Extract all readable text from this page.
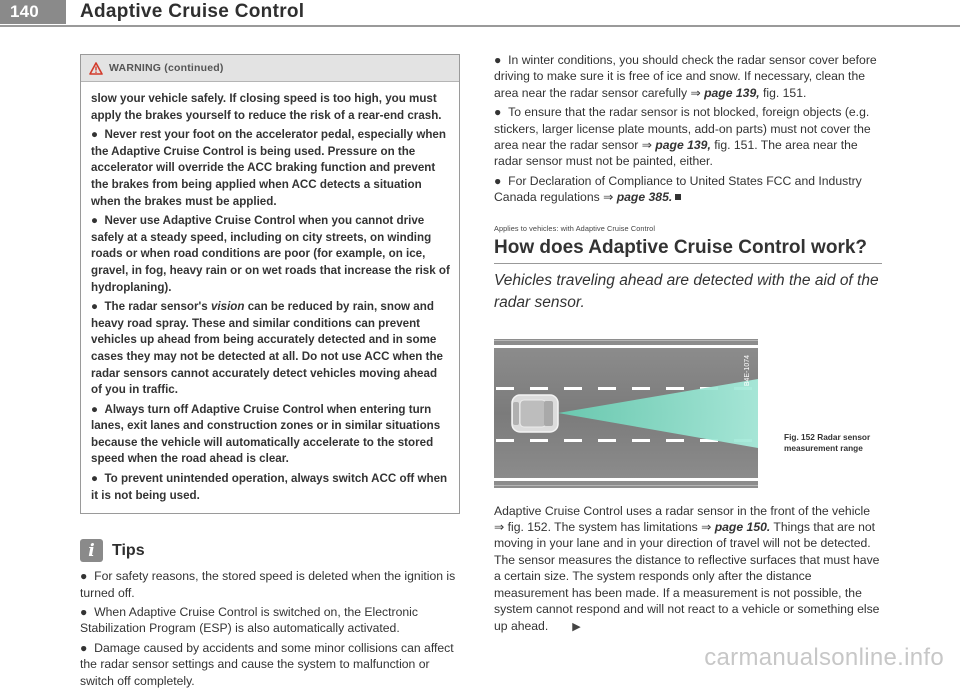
140 Adaptive Cruise Control
WARNING (continued)

slow your vehicle safely. If closing speed is too high, you must apply the brakes yourself to reduce the risk of a rear-end crash.

●  Never rest your foot on the accelerator pedal, especially when the Adaptive Cruise Control is being used. Pressure on the accelerator will override the ACC braking function and prevent the brakes from being applied when ACC detects a situation when the brakes must be applied.

●  Never use Adaptive Cruise Control when you cannot drive safely at a steady speed, including on city streets, on winding roads or when road conditions are poor (for example, on ice, gravel, in fog, heavy rain or on wet roads that increase the risk of hydroplaning).

●  The radar sensor's vision can be reduced by rain, snow and heavy road spray. These and similar conditions can prevent vehicles up ahead from being accurately detected and in some cases they may not be detected at all. Do not use ACC when the radar sensors cannot accurately detect vehicles moving ahead of you in traffic.

●  Always turn off Adaptive Cruise Control when entering turn lanes, exit lanes and construction zones or in similar situations because the vehicle will automatically accelerate to the stored speed when the road ahead is clear.

●  To prevent unintended operation, always switch ACC off when it is not being used.

i	Tips

●  For safety reasons, the stored speed is deleted when the ignition is turned off.

●  When Adaptive Cruise Control is switched on, the Electronic Stabilization Program (ESP) is also automatically activated.

●  Damage caused by accidents and some minor collisions can affect the radar sensor settings and cause the system to malfunction or switch off completely.

●  In winter conditions, you should check the radar sensor cover before driving to make sure it is free of ice and snow. If necessary, clean the area near the radar sensor carefully ⇒ page 139, fig. 151.

●  To ensure that the radar sensor is not blocked, foreign objects (e.g. stickers, larger license plate mounts, add-on parts) must not cover the area near the radar sensor ⇒ page 139, fig. 151. The area near the radar sensor must not be painted, either.

●  For Declaration of Compliance to United States FCC and Industry Canada regulations ⇒ page 385.

Applies to vehicles: with Adaptive Cruise Control
How does Adaptive Cruise Control work?
Vehicles traveling ahead are detected with the aid of the radar sensor.
B4E-1074
Fig. 152 Radar sensor
measurement range
Adaptive Cruise Control uses a radar sensor in the front of the vehicle ⇒ fig. 152. The system has limitations ⇒ page 150. Things that are not moving in your lane and in your direction of travel will not be detected. The sensor measures the distance to reflective surfaces that must have a certain size. The system responds only after the distance measurement has been made. If a measurement is not possible, the system cannot respond and will not react to a vehicle or something else up ahead. ▶
carmanualsonline.info
